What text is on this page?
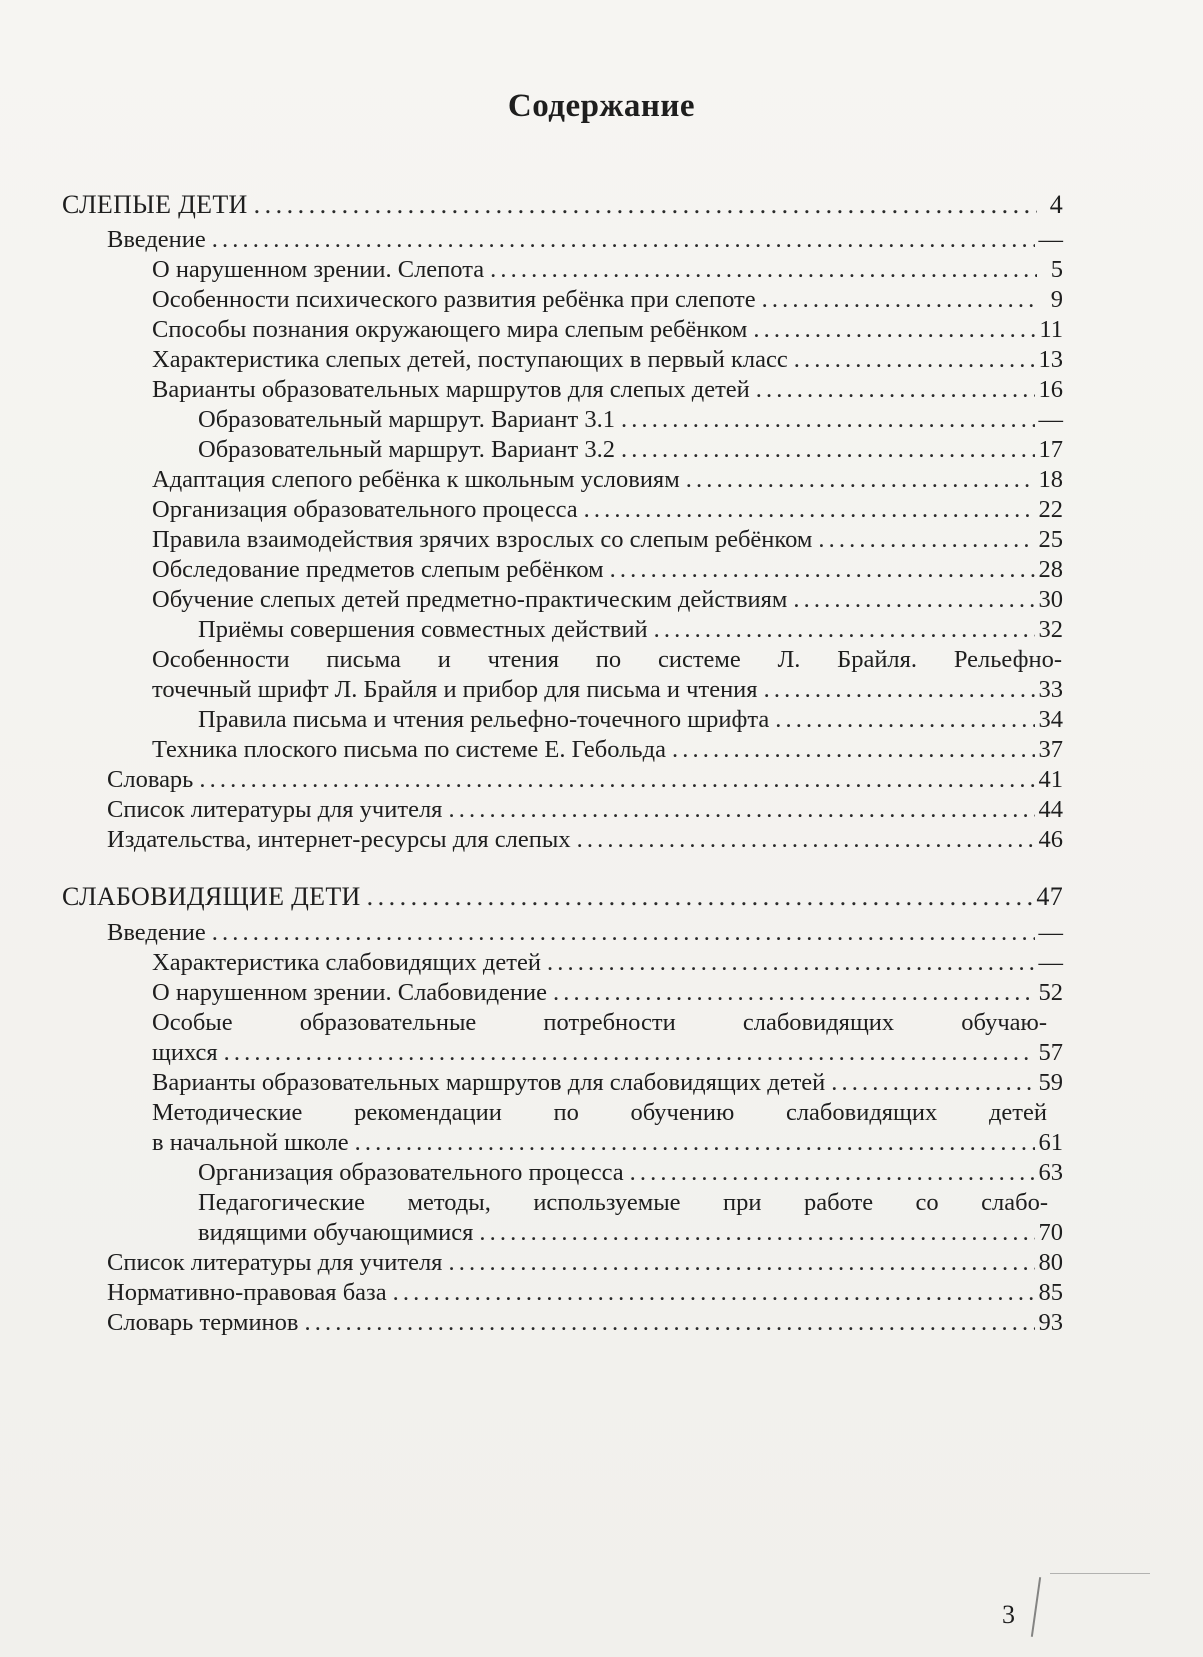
Содержание
СЛЕПЫЕ ДЕТИ . . .	4
Введение . . .	—
О нарушенном зрении. Слепота . . .	5
Особенности психического развития ребёнка при слепоте . . .	9
Способы познания окружающего мира слепым ребёнком . . .	11
Характеристика слепых детей, поступающих в первый класс . . .	13
Варианты образовательных маршрутов для слепых детей . . .	16
Образовательный маршрут. Вариант 3.1 . . .	—
Образовательный маршрут. Вариант 3.2 . . .	17
Адаптация слепого ребёнка к школьным условиям . . .	18
Организация образовательного процесса . . .	22
Правила взаимодействия зрячих взрослых со слепым ребёнком . . .	25
Обследование предметов слепым ребёнком . . .	28
Обучение слепых детей предметно-практическим действиям . . .	30
Приёмы совершения совместных действий . . .	32
Особенности письма и чтения по системе Л. Брайля. Рельефно-
точечный шрифт Л. Брайля и прибор для письма и чтения . . .	33
Правила письма и чтения рельефно-точечного шрифта . . .	34
Техника плоского письма по системе Е. Гебольда . . .	37
Словарь . . .	41
Список литературы для учителя . . .	44
Издательства, интернет-ресурсы для слепых . . .	46
СЛАБОВИДЯЩИЕ ДЕТИ . . .	47
Введение . . .	—
Характеристика слабовидящих детей . . .	—
О нарушенном зрении. Слабовидение . . .	52
Особые образовательные потребности слабовидящих обучаю-
щихся . . .	57
Варианты образовательных маршрутов для слабовидящих детей . . .	59
Методические рекомендации по обучению слабовидящих детей
в начальной школе . . .	61
Организация образовательного процесса . . .	63
Педагогические методы, используемые при работе со слабо-
видящими обучающимися . . .	70
Список литературы для учителя . . .	80
Нормативно-правовая база . . .	85
Словарь терминов . . .	93
3
